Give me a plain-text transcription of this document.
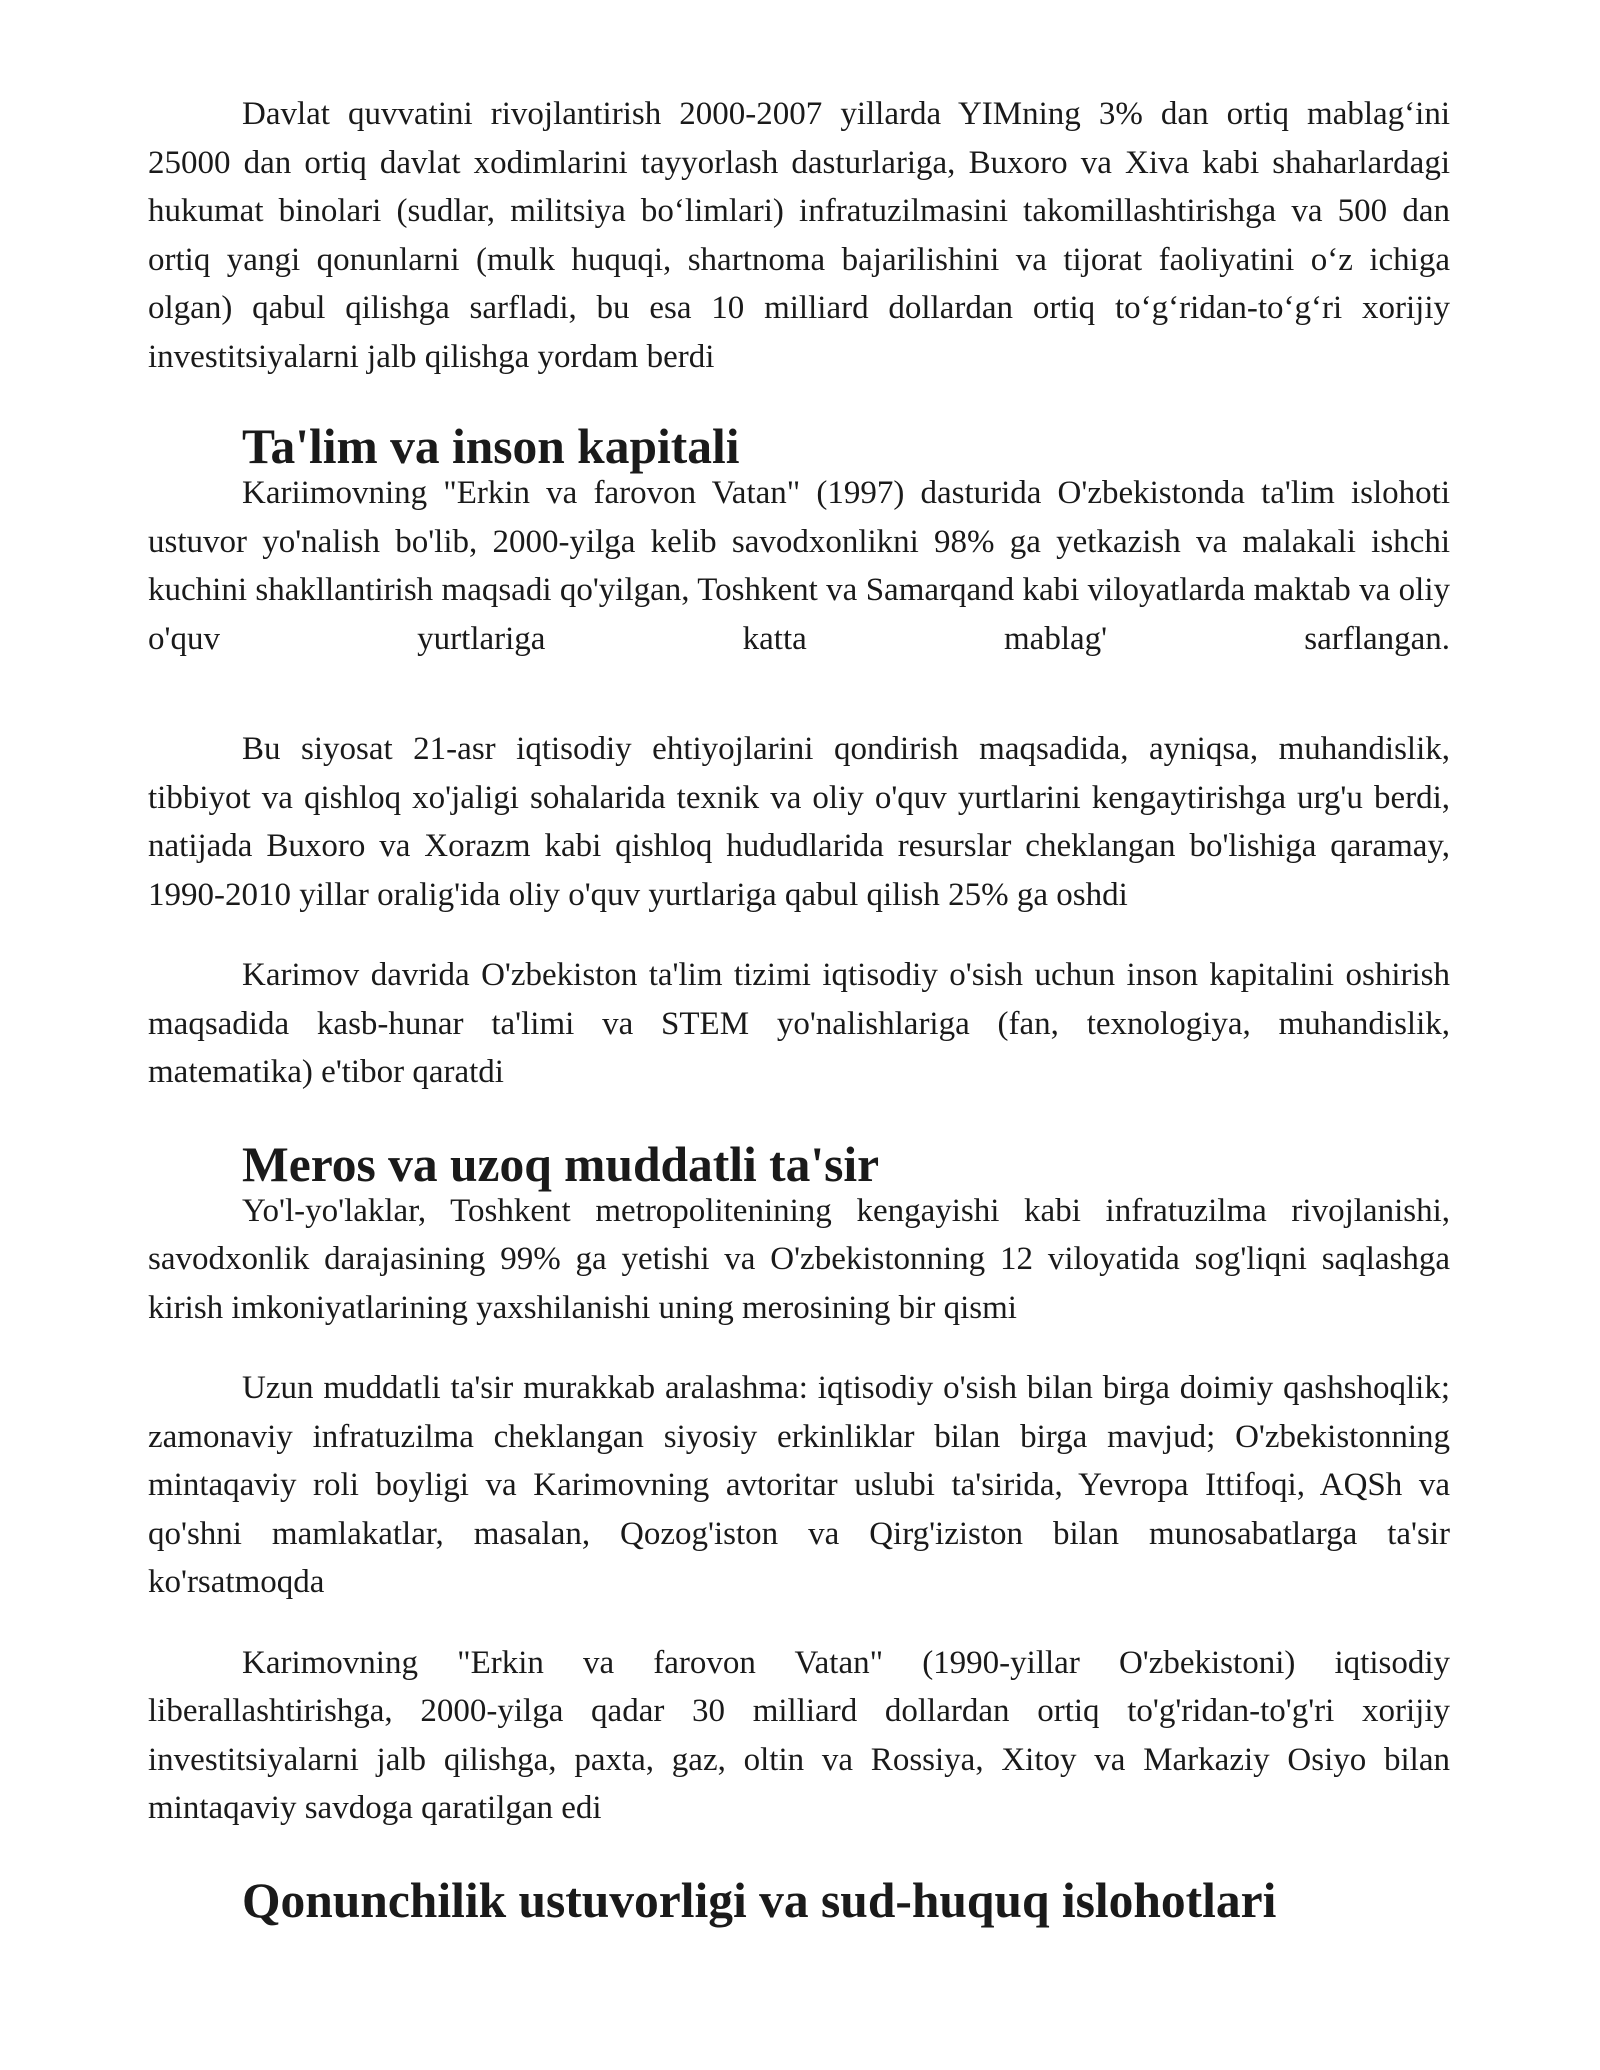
Davlat quvvatini rivojlantirish 2000-2007 yillarda YIMning 3% dan ortiq mablag‘ini 25000 dan ortiq davlat xodimlarini tayyorlash dasturlariga, Buxoro va Xiva kabi shaharlardagi hukumat binolari (sudlar, militsiya bo‘limlari) infratuzilmasini takomillashtirishga va 500 dan ortiq yangi qonunlarni (mulk huquqi, shartnoma bajarilishini va tijorat faoliyatini o‘z ichiga olgan) qabul qilishga sarfladi, bu esa 10 milliard dollardan ortiq to‘g‘ridan-to‘g‘ri xorijiy investitsiyalarni jalb qilishga yordam berdi

Ta'lim va inson kapitali

Kariimovning "Erkin va farovon Vatan" (1997) dasturida O'zbekistonda ta'lim islohoti ustuvor yo'nalish bo'lib, 2000-yilga kelib savodxonlikni 98% ga yetkazish va malakali ishchi kuchini shakllantirish maqsadi qo'yilgan, Toshkent va Samarqand kabi viloyatlarda maktab va oliy o'quv yurtlariga katta mablag' sarflangan.

Bu siyosat 21-asr iqtisodiy ehtiyojlarini qondirish maqsadida, ayniqsa, muhandislik, tibbiyot va qishloq xo'jaligi sohalarida texnik va oliy o'quv yurtlarini kengaytirishga urg'u berdi, natijada Buxoro va Xorazm kabi qishloq hududlarida resurslar cheklangan bo'lishiga qaramay, 1990-2010 yillar oralig'ida oliy o'quv yurtlariga qabul qilish 25% ga oshdi

Karimov davrida O'zbekiston ta'lim tizimi iqtisodiy o'sish uchun inson kapitalini oshirish maqsadida kasb-hunar ta'limi va STEM yo'nalishlariga (fan, texnologiya, muhandislik, matematika) e'tibor qaratdi

Meros va uzoq muddatli ta'sir

Yo'l-yo'laklar, Toshkent metropolitenining kengayishi kabi infratuzilma rivojlanishi, savodxonlik darajasining 99% ga yetishi va O'zbekistonning 12 viloyatida sog'liqni saqlashga kirish imkoniyatlarining yaxshilanishi uning merosining bir qismi

Uzun muddatli ta'sir murakkab aralashma: iqtisodiy o'sish bilan birga doimiy qashshoqlik; zamonaviy infratuzilma cheklangan siyosiy erkinliklar bilan birga mavjud; O'zbekistonning mintaqaviy roli boyligi va Karimovning avtoritar uslubi ta'sirida, Yevropa Ittifoqi, AQSh va qo'shni mamlakatlar, masalan, Qozog'iston va Qirg'iziston bilan munosabatlarga ta'sir ko'rsatmoqda

Karimovning "Erkin va farovon Vatan" (1990-yillar O'zbekistoni) iqtisodiy liberallashtirishga, 2000-yilga qadar 30 milliard dollardan ortiq to'g'ridan-to'g'ri xorijiy investitsiyalarni jalb qilishga, paxta, gaz, oltin va Rossiya, Xitoy va Markaziy Osiyo bilan mintaqaviy savdoga qaratilgan edi

Qonunchilik ustuvorligi va sud-huquq islohotlari
